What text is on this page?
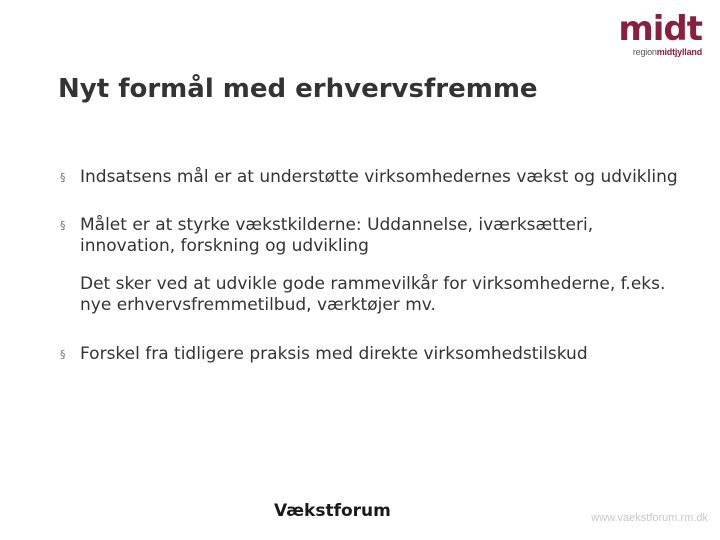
midt
regionmidtjylland
Nyt formål med erhvervsfremme
§ Indsatsens mål er at understøtte virksomhedernes vækst og udvikling
§ Målet er at styrke vækstkilderne: Uddannelse, iværksætteri, innovation, forskning og udvikling
Det sker ved at udvikle gode rammevilkår for virksomhederne, f.eks. nye erhvervsfremmetilbud, værktøjer mv.
§ Forskel fra tidligere praksis med direkte virksomhedstilskud
Vækstforum	www.vaekstforum.rm.dk
